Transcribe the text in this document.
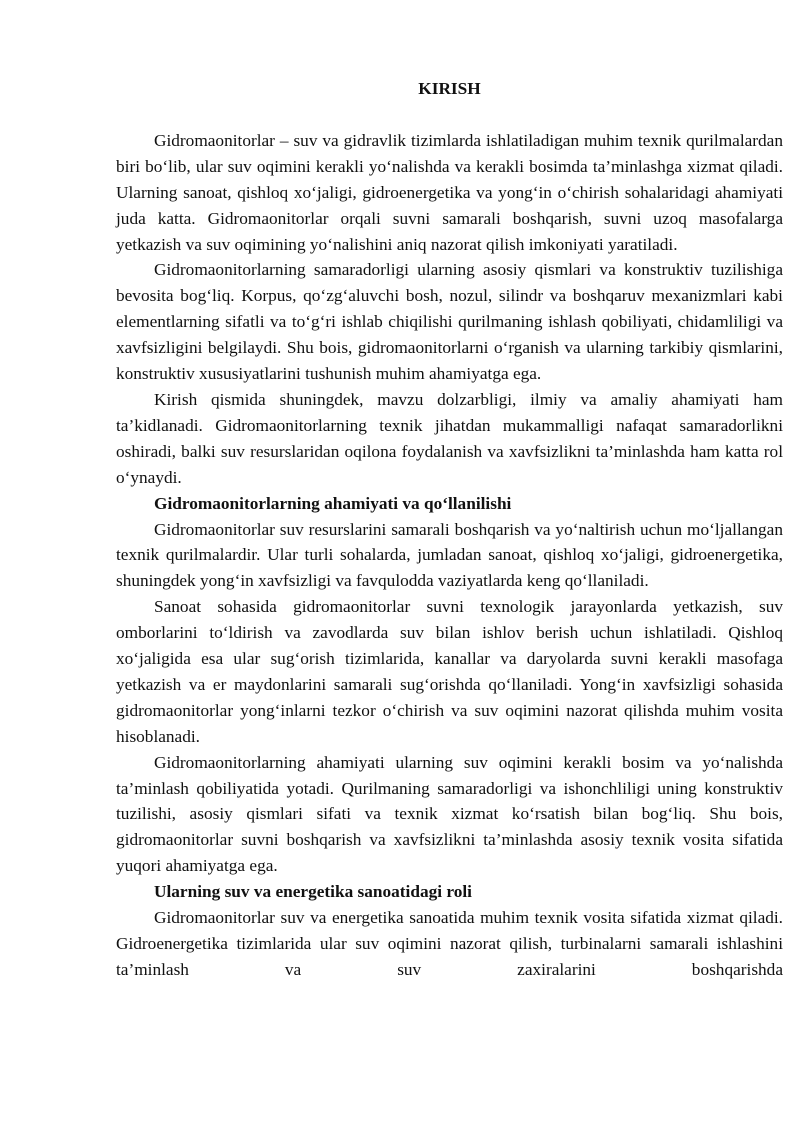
KIRISH

Gidromaonitorlar – suv va gidravlik tizimlarda ishlatiladigan muhim texnik qurilmalardan biri bo‘lib, ular suv oqimini kerakli yo‘nalishda va kerakli bosimda ta’minlashga xizmat qiladi. Ularning sanoat, qishloq xo‘jaligi, gidroenergetika va yong‘in o‘chirish sohalaridagi ahamiyati juda katta. Gidromaonitorlar orqali suvni samarali boshqarish, suvni uzoq masofalarga yetkazish va suv oqimining yo‘nalishini aniq nazorat qilish imkoniyati yaratiladi.

Gidromaonitorlarning samaradorligi ularning asosiy qismlari va konstruktiv tuzilishiga bevosita bog‘liq. Korpus, qo‘zg‘aluvchi bosh, nozul, silindr va boshqaruv mexanizmlari kabi elementlarning sifatli va to‘g‘ri ishlab chiqilishi qurilmaning ishlash qobiliyati, chidamliligi va xavfsizligini belgilaydi. Shu bois, gidromaonitorlarni o‘rganish va ularning tarkibiy qismlarini, konstruktiv xususiyatlarini tushunish muhim ahamiyatga ega.

Kirish qismida shuningdek, mavzu dolzarbligi, ilmiy va amaliy ahamiyati ham ta’kidlanadi. Gidromaonitorlarning texnik jihatdan mukammalligi nafaqat samaradorlikni oshiradi, balki suv resurslaridan oqilona foydalanish va xavfsizlikni ta’minlashda ham katta rol o‘ynaydi.

Gidromaonitorlarning ahamiyati va qo‘llanilishi

Gidromaonitorlar suv resurslarini samarali boshqarish va yo‘naltirish uchun mo‘ljallangan texnik qurilmalardir. Ular turli sohalarda, jumladan sanoat, qishloq xo‘jaligi, gidroenergetika, shuningdek yong‘in xavfsizligi va favqulodda vaziyatlarda keng qo‘llaniladi.

Sanoat sohasida gidromaonitorlar suvni texnologik jarayonlarda yetkazish, suv omborlarini to‘ldirish va zavodlarda suv bilan ishlov berish uchun ishlatiladi. Qishloq xo‘jaligida esa ular sug‘orish tizimlarida, kanallar va daryolarda suvni kerakli masofaga yetkazish va er maydonlarini samarali sug‘orishda qo‘llaniladi. Yong‘in xavfsizligi sohasida gidromaonitorlar yong‘inlarni tezkor o‘chirish va suv oqimini nazorat qilishda muhim vosita hisoblanadi.

Gidromaonitorlarning ahamiyati ularning suv oqimini kerakli bosim va yo‘nalishda ta’minlash qobiliyatida yotadi. Qurilmaning samaradorligi va ishonchliligi uning konstruktiv tuzilishi, asosiy qismlari sifati va texnik xizmat ko‘rsatish bilan bog‘liq. Shu bois, gidromaonitorlar suvni boshqarish va xavfsizlikni ta’minlashda asosiy texnik vosita sifatida yuqori ahamiyatga ega.

Ularning suv va energetika sanoatidagi roli

Gidromaonitorlar suv va energetika sanoatida muhim texnik vosita sifatida xizmat qiladi. Gidroenergetika tizimlarida ular suv oqimini nazorat qilish, turbinalarni samarali ishlashini ta’minlash va suv zaxiralarini boshqarishda
